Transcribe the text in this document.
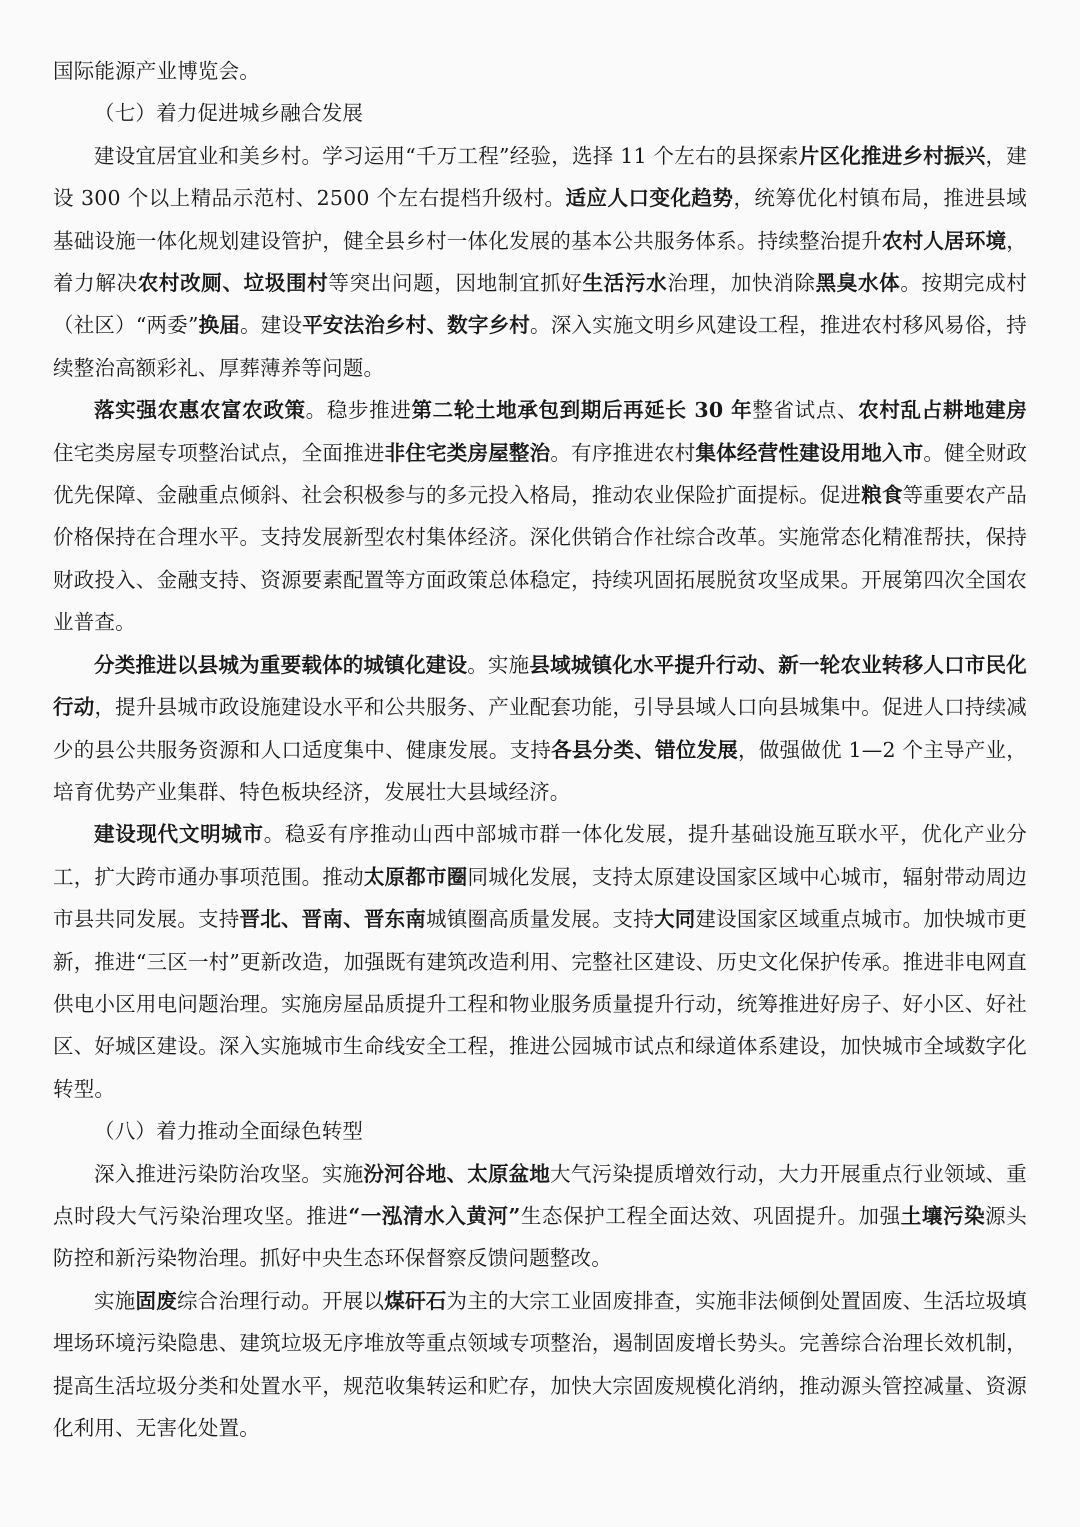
国际能源产业博览会。

（七）着力促进城乡融合发展

建设宜居宜业和美乡村。学习运用“千万工程”经验，选择 11 个左右的县探索片区化推进乡村振兴，建设 300 个以上精品示范村、2500 个左右提档升级村。适应人口变化趋势，统筹优化村镇布局，推进县域基础设施一体化规划建设管护，健全县乡村一体化发展的基本公共服务体系。持续整治提升农村人居环境，着力解决农村改厕、垃圾围村等突出问题，因地制宜抓好生活污水治理，加快消除黑臭水体。按期完成村（社区）“两委”换届。建设平安法治乡村、数字乡村。深入实施文明乡风建设工程，推进农村移风易俗，持续整治高额彩礼、厚葬薄养等问题。

落实强农惠农富农政策。稳步推进第二轮土地承包到期后再延长 30 年整省试点、农村乱占耕地建房住宅类房屋专项整治试点，全面推进非住宅类房屋整治。有序推进农村集体经营性建设用地入市。健全财政优先保障、金融重点倾斜、社会积极参与的多元投入格局，推动农业保险扩面提标。促进粮食等重要农产品价格保持在合理水平。支持发展新型农村集体经济。深化供销合作社综合改革。实施常态化精准帮扶，保持财政投入、金融支持、资源要素配置等方面政策总体稳定，持续巩固拓展脱贫攻坚成果。开展第四次全国农业普查。

分类推进以县城为重要载体的城镇化建设。实施县域城镇化水平提升行动、新一轮农业转移人口市民化行动，提升县城市政设施建设水平和公共服务、产业配套功能，引导县域人口向县城集中。促进人口持续减少的县公共服务资源和人口适度集中、健康发展。支持各县分类、错位发展，做强做优 1—2 个主导产业，培育优势产业集群、特色板块经济，发展壮大县域经济。

建设现代文明城市。稳妥有序推动山西中部城市群一体化发展，提升基础设施互联水平，优化产业分工，扩大跨市通办事项范围。推动太原都市圈同城化发展，支持太原建设国家区域中心城市，辐射带动周边市县共同发展。支持晋北、晋南、晋东南城镇圈高质量发展。支持大同建设国家区域重点城市。加快城市更新，推进“三区一村”更新改造，加强既有建筑改造利用、完整社区建设、历史文化保护传承。推进非电网直供电小区用电问题治理。实施房屋品质提升工程和物业服务质量提升行动，统筹推进好房子、好小区、好社区、好城区建设。深入实施城市生命线安全工程，推进公园城市试点和绿道体系建设，加快城市全域数字化转型。

（八）着力推动全面绿色转型

深入推进污染防治攻坚。实施汾河谷地、太原盆地大气污染提质增效行动，大力开展重点行业领域、重点时段大气污染治理攻坚。推进“一泓清水入黄河”生态保护工程全面达效、巩固提升。加强土壤污染源头防控和新污染物治理。抓好中央生态环保督察反馈问题整改。

实施固废综合治理行动。开展以煤矸石为主的大宗工业固废排查，实施非法倾倒处置固废、生活垃圾填埋场环境污染隐患、建筑垃圾无序堆放等重点领域专项整治，遏制固废增长势头。完善综合治理长效机制，提高生活垃圾分类和处置水平，规范收集转运和贮存，加快大宗固废规模化消纳，推动源头管控减量、资源化利用、无害化处置。
